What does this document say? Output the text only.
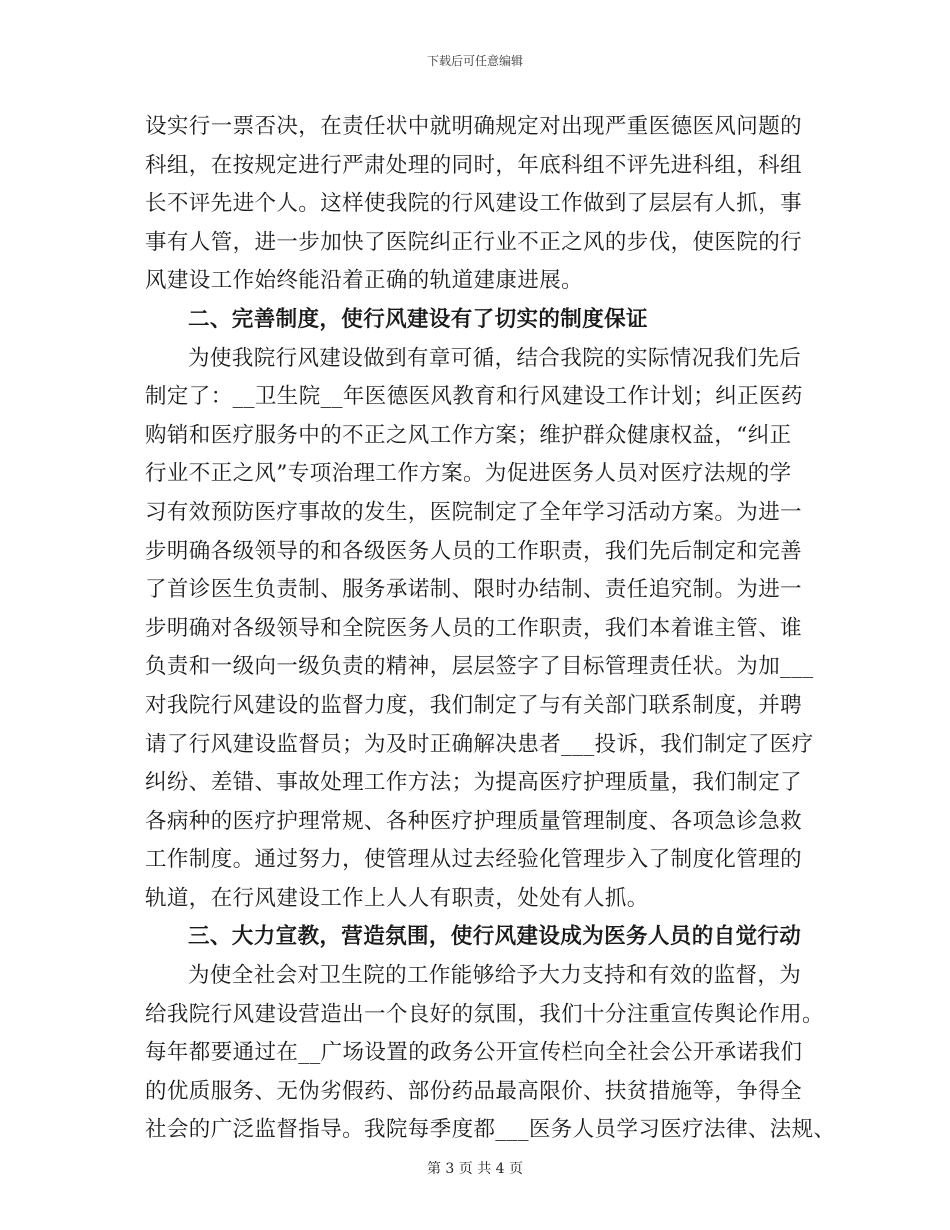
下载后可任意编辑
设实行一票否决，在责任状中就明确规定对出现严重医德医风问题的
科组，在按规定进行严肃处理的同时，年底科组不评先进科组，科组
长不评先进个人。这样使我院的行风建设工作做到了层层有人抓，事
事有人管，进一步加快了医院纠正行业不正之风的步伐，使医院的行
风建设工作始终能沿着正确的轨道建康进展。
二、完善制度，使行风建设有了切实的制度保证
为使我院行风建设做到有章可循，结合我院的实际情况我们先后
制定了：__卫生院__年医德医风教育和行风建设工作计划；纠正医药
购销和医疗服务中的不正之风工作方案；维护群众健康权益，“纠正
行业不正之风”专项治理工作方案。为促进医务人员对医疗法规的学
习有效预防医疗事故的发生，医院制定了全年学习活动方案。为进一
步明确各级领导的和各级医务人员的工作职责，我们先后制定和完善
了首诊医生负责制、服务承诺制、限时办结制、责任追究制。为进一
步明确对各级领导和全院医务人员的工作职责，我们本着谁主管、谁
负责和一级向一级负责的精神，层层签字了目标管理责任状。为加___
对我院行风建设的监督力度，我们制定了与有关部门联系制度，并聘
请了行风建设监督员；为及时正确解决患者___投诉，我们制定了医疗
纠纷、差错、事故处理工作方法；为提高医疗护理质量，我们制定了
各病种的医疗护理常规、各种医疗护理质量管理制度、各项急诊急救
工作制度。通过努力，使管理从过去经验化管理步入了制度化管理的
轨道，在行风建设工作上人人有职责，处处有人抓。
三、大力宣教，营造氛围，使行风建设成为医务人员的自觉行动
为使全社会对卫生院的工作能够给予大力支持和有效的监督，为
给我院行风建设营造出一个良好的氛围，我们十分注重宣传舆论作用。
每年都要通过在__广场设置的政务公开宣传栏向全社会公开承诺我们
的优质服务、无伪劣假药、部份药品最高限价、扶贫措施等，争得全
社会的广泛监督指导。我院每季度都___医务人员学习医疗法律、法规、
第 3 页 共 4 页
